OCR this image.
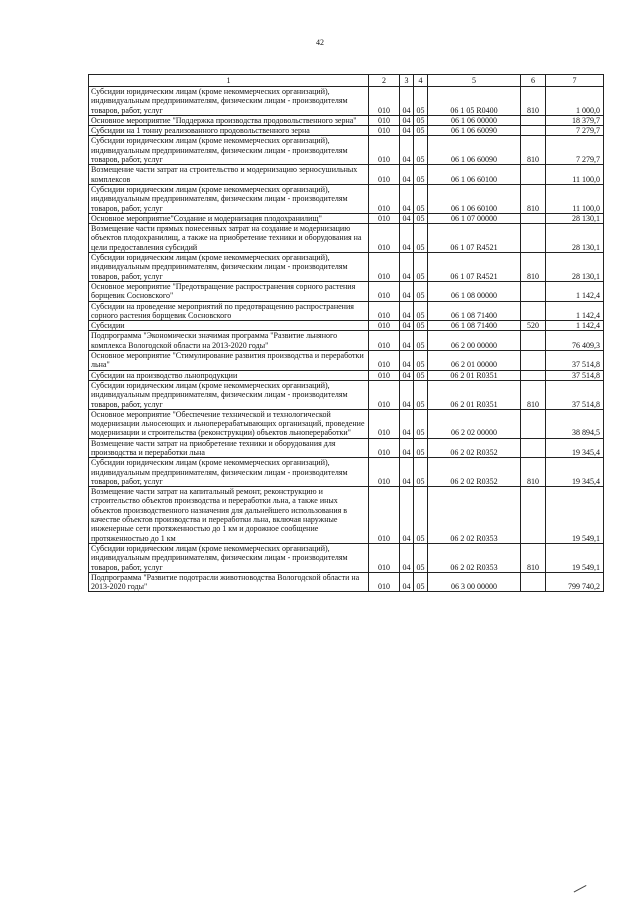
42
1	2	3	4	5	6	7
Субсидии юридическим лицам (кроме некоммерческих организаций), индивидуальным предпринимателям, физическим лицам - производителям товаров, работ, услуг	010	04	05	06 1 05 R0400	810	1 000,0
Основное мероприятие "Поддержка производства продовольственного зерна"	010	04	05	06 1 06 00000		18 379,7
Субсидии на 1 тонну реализованного продовольственного зерна	010	04	05	06 1 06 60090		7 279,7
Субсидии юридическим лицам (кроме некоммерческих организаций), индивидуальным предпринимателям, физическим лицам - производителям товаров, работ, услуг	010	04	05	06 1 06 60090	810	7 279,7
Возмещение части затрат на строительство и модернизацию зерносушильных комплексов	010	04	05	06 1 06 60100		11 100,0
Субсидии юридическим лицам (кроме некоммерческих организаций), индивидуальным предпринимателям, физическим лицам - производителям товаров, работ, услуг	010	04	05	06 1 06 60100	810	11 100,0
Основное мероприятие"Создание и модернизация плодохранилищ"	010	04	05	06 1 07 00000		28 130,1
Возмещение части прямых понесенных затрат на создание и модернизацию объектов плодохранилищ, а также на приобретение техники и оборудования на цели предоставления субсидий	010	04	05	06 1 07 R4521		28 130,1
Субсидии юридическим лицам (кроме некоммерческих организаций), индивидуальным предпринимателям, физическим лицам - производителям товаров, работ, услуг	010	04	05	06 1 07 R4521	810	28 130,1
Основное мероприятие "Предотвращение распространения сорного растения борщевик Сосновского"	010	04	05	06 1 08 00000		1 142,4
Субсидии на проведение мероприятий по предотвращению распространения сорного растения борщевик Сосновского	010	04	05	06 1 08 71400		1 142,4
Субсидии	010	04	05	06 1 08 71400	520	1 142,4
Подпрограмма "Экономически значимая программа "Развитие льняного комплекса Вологодской области на 2013-2020 годы"	010	04	05	06 2 00 00000		76 409,3
Основное мероприятие "Стимулирование развития производства и переработки льна"	010	04	05	06 2 01 00000		37 514,8
Субсидии на производство льнопродукции	010	04	05	06 2 01 R0351		37 514,8
Субсидии юридическим лицам (кроме некоммерческих организаций), индивидуальным предпринимателям, физическим лицам - производителям товаров, работ, услуг	010	04	05	06 2 01 R0351	810	37 514,8
Основное мероприятие "Обеспечение технической и технологической модернизации льносеющих и льноперерабатывающих организаций, проведение модернизации и строительства (реконструкции) объектов льнопереработки"	010	04	05	06 2 02 00000		38 894,5
Возмещение части затрат на приобретение техники и оборудования для производства и переработки льна	010	04	05	06 2 02 R0352		19 345,4
Субсидии юридическим лицам (кроме некоммерческих организаций), индивидуальным предпринимателям, физическим лицам - производителям товаров, работ, услуг	010	04	05	06 2 02 R0352	810	19 345,4
Возмещение части затрат на капитальный ремонт, реконструкцию и строительство объектов производства и переработки льна, а также иных объектов производственного назначения для дальнейшего использования в качестве объектов производства и переработки льна, включая наружные инженерные сети протяженностью до 1 км и дорожное сообщение протяженностью до 1 км	010	04	05	06 2 02 R0353		19 549,1
Субсидии юридическим лицам (кроме некоммерческих организаций), индивидуальным предпринимателям, физическим лицам - производителям товаров, работ, услуг	010	04	05	06 2 02 R0353	810	19 549,1
Подпрограмма "Развитие подотрасли животноводства Вологодской области на 2013-2020 годы"	010	04	05	06 3 00 00000		799 740,2
